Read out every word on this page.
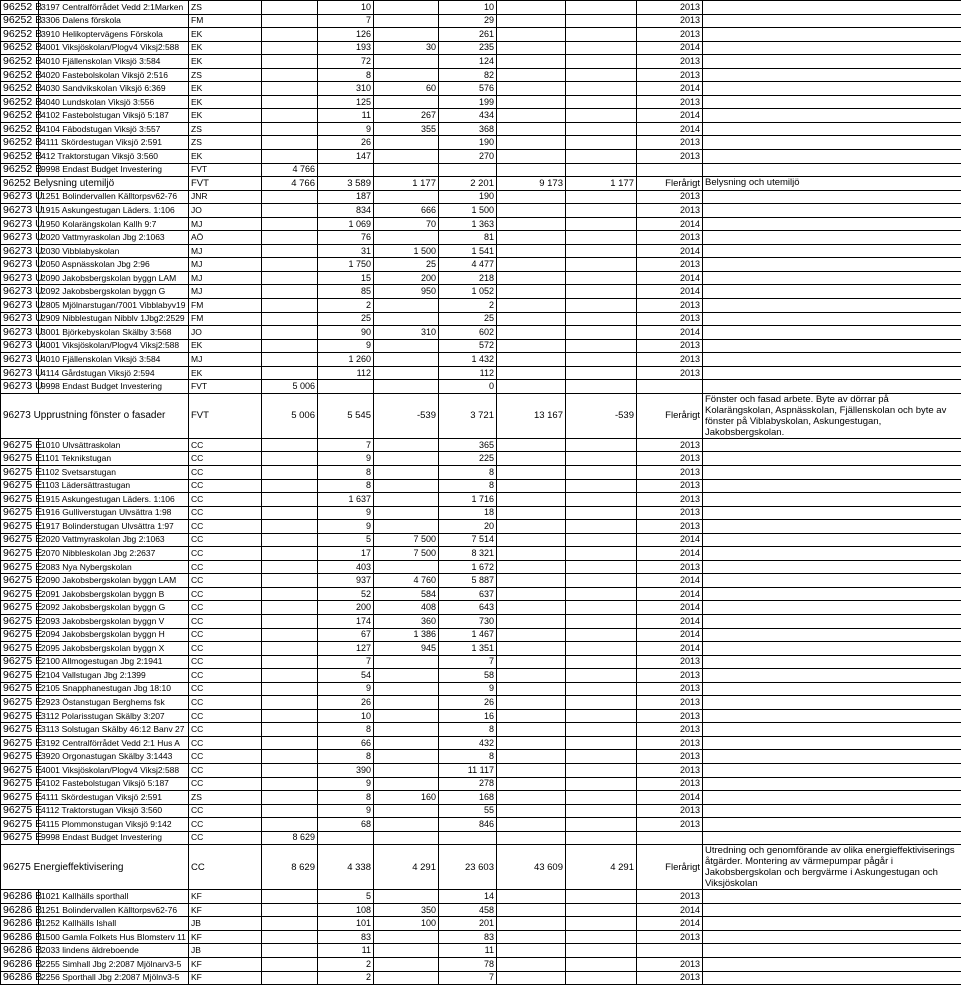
96252 B	3197 Centralförrådet Vedd 2:1Marken	ZS		10		10			2013	
96252 B	3306 Dalens förskola	FM		7		29			2013	
96252 B	3910 Helikoptervägens Förskola	EK		126		261			2013	
96252 B	4001 Viksjöskolan/Plogv4 Viksj2:588	EK		193	30	235			2014	
96252 B	4010 Fjällenskolan Viksjö 3:584	EK		72		124			2013	
96252 B	4020 Fastebolskolan Viksjö 2:516	ZS		8		82			2013	
96252 B	4030 Sandvikskolan Viksjö 6:369	EK		310	60	576			2014	
96252 B	4040 Lundskolan Viksjö 3:556	EK		125		199			2013	
96252 B	4102 Fastebolstugan Viksjö 5:187	EK		11	267	434			2014	
96252 B	4104 Fäbodstugan Viksjö 3:557	ZS		9	355	368			2014	
96252 B	4111 Skördestugan Viksjö 2:591	ZS		26		190			2013	
96252 B	412 Traktorstugan Viksjö 3:560	EK		147		270			2013	
96252 B	9998 Endast Budget Investering	FVT	4 766							
96252 Belysning utemiljö		FVT	4 766	3 589	1 177	2 201	9 173	1 177	Flerårigt	Belysning och utemiljö
96273 U	1251 Bolindervallen Källtorpsv62-76	JNR		187		190			2013	
96273 U	1915 Askungestugan Läders. 1:106	JO		834	666	1 500			2013	
96273 U	1950 Kolarängskolan Kallh 9:7	MJ		1 069	70	1 363			2014	
96273 U	2020 Vattmyraskolan Jbg 2:1063	AÖ		76		81			2013	
96273 U	2030 Vibblabyskolan	MJ		31	1 500	1 541			2014	
96273 U	2050 Aspnässkolan Jbg 2:96	MJ		1 750	25	4 477			2013	
96273 U	2090 Jakobsbergskolan byggn LAM	MJ		15	200	218			2014	
96273 U	2092 Jakobsbergskolan byggn G	MJ		85	950	1 052			2014	
96273 U	2805 Mjölnarstugan/7001 Vibblabyv19	FM		2		2			2013	
96273 U	2909 Nibblestugan Nibblv 1Jbg2:2529	FM		25		25			2013	
96273 U	3001 Björkebyskolan Skälby 3:568	JO		90	310	602			2014	
96273 U	4001 Viksjöskolan/Plogv4 Viksj2:588	EK		9		572			2013	
96273 U	4010 Fjällenskolan Viksjö 3:584	MJ		1 260		1 432			2013	
96273 U	4114 Gårdstugan Viksjö 2:594	EK		112		112			2013	
96273 U	9998 Endast Budget Investering	FVT	5 006			0				
96273 Upprustning fönster o fasader		FVT	5 006	5 545	-539	3 721	13 167	-539	Flerårigt	Fönster och fasad arbete. Byte av dörrar på Kolarängskolan, Aspnässkolan, Fjällenskolan och byte av fönster på Viblabyskolan, Askungestugan, Jakobsbergskolan.
96275 E	1010 Ulvsättraskolan	CC		7		365			2013	
96275 E	1101 Teknikstugan	CC		9		225			2013	
96275 E	1102 Svetsarstugan	CC		8		8			2013	
96275 E	1103 Lädersättrastugan	CC		8		8			2013	
96275 E	1915 Askungestugan Läders. 1:106	CC		1 637		1 716			2013	
96275 E	1916 Gulliverstugan Ulvsättra 1:98	CC		9		18			2013	
96275 E	1917 Bolinderstugan Ulvsättra 1:97	CC		9		20			2013	
96275 E	2020 Vattmyraskolan Jbg 2:1063	CC		5	7 500	7 514			2014	
96275 E	2070 Nibbleskolan Jbg 2:2637	CC		17	7 500	8 321			2014	
96275 E	2083 Nya Nybergskolan	CC		403		1 672			2013	
96275 E	2090 Jakobsbergskolan byggn LAM	CC		937	4 760	5 887			2014	
96275 E	2091 Jakobsbergskolan byggn B	CC		52	584	637			2014	
96275 E	2092 Jakobsbergskolan byggn G	CC		200	408	643			2014	
96275 E	2093 Jakobsbergskolan byggn V	CC		174	360	730			2014	
96275 E	2094 Jakobsbergskolan byggn H	CC		67	1 386	1 467			2014	
96275 E	2095 Jakobsbergskolan byggn X	CC		127	945	1 351			2014	
96275 E	2100 Allmogestugan Jbg 2:1941	CC		7		7			2013	
96275 E	2104 Vallstugan Jbg 2:1399	CC		54		58			2013	
96275 E	2105 Snapphanestugan Jbg 18:10	CC		9		9			2013	
96275 E	2923 Östanstugan Berghems fsk	CC		26		26			2013	
96275 E	3112 Polarisstugan Skälby 3:207	CC		10		16			2013	
96275 E	3113 Solstugan Skälby 46:12 Banv 27	CC		8		8			2013	
96275 E	3192 Centralförrådet Vedd 2:1 Hus A	CC		66		432			2013	
96275 E	3920 Orgonastugan Skälby 3:1443	CC		8		8			2013	
96275 E	4001 Viksjöskolan/Plogv4 Viksj2:588	CC		390		11 117			2013	
96275 E	4102 Fastebolstugan Viksjö 5:187	CC		9		278			2013	
96275 E	4111 Skördestugan Viksjö 2:591	ZS		8	160	168			2014	
96275 E	4112 Traktorstugan Viksjö 3:560	CC		9		55			2013	
96275 E	4115 Plommonstugan Viksjö 9:142	CC		68		846			2013	
96275 E	9998 Endast Budget Investering	CC	8 629							
96275 Energieffektivisering		CC	8 629	4 338	4 291	23 603	43 609	4 291	Flerårigt	Utredning och genomförande av olika energieffektiviserings åtgärder. Montering av värmepumpar pågår i Jakobsbergskolan och bergvärme i Askungestugan och Viksjöskolan
96286 B	1021 Kallhälls sporthall	KF		5		14			2013	
96286 B	1251 Bolindervallen Källtorpsv62-76	KF		108	350	458			2014	
96286 B	1252 Kallhälls Ishall	JB		101	100	201			2014	
96286 B	1500 Gamla Folkets Hus Blomsterv 11	KF		83		83			2013	
96286 B	2033 lindens äldreboende	JB		11		11				
96286 B	2255 Simhall Jbg 2:2087 Mjölnarv3-5	KF		2		78			2013	
96286 B	2256 Sporthall Jbg 2:2087 Mjölnv3-5	KF		2		7			2013	
